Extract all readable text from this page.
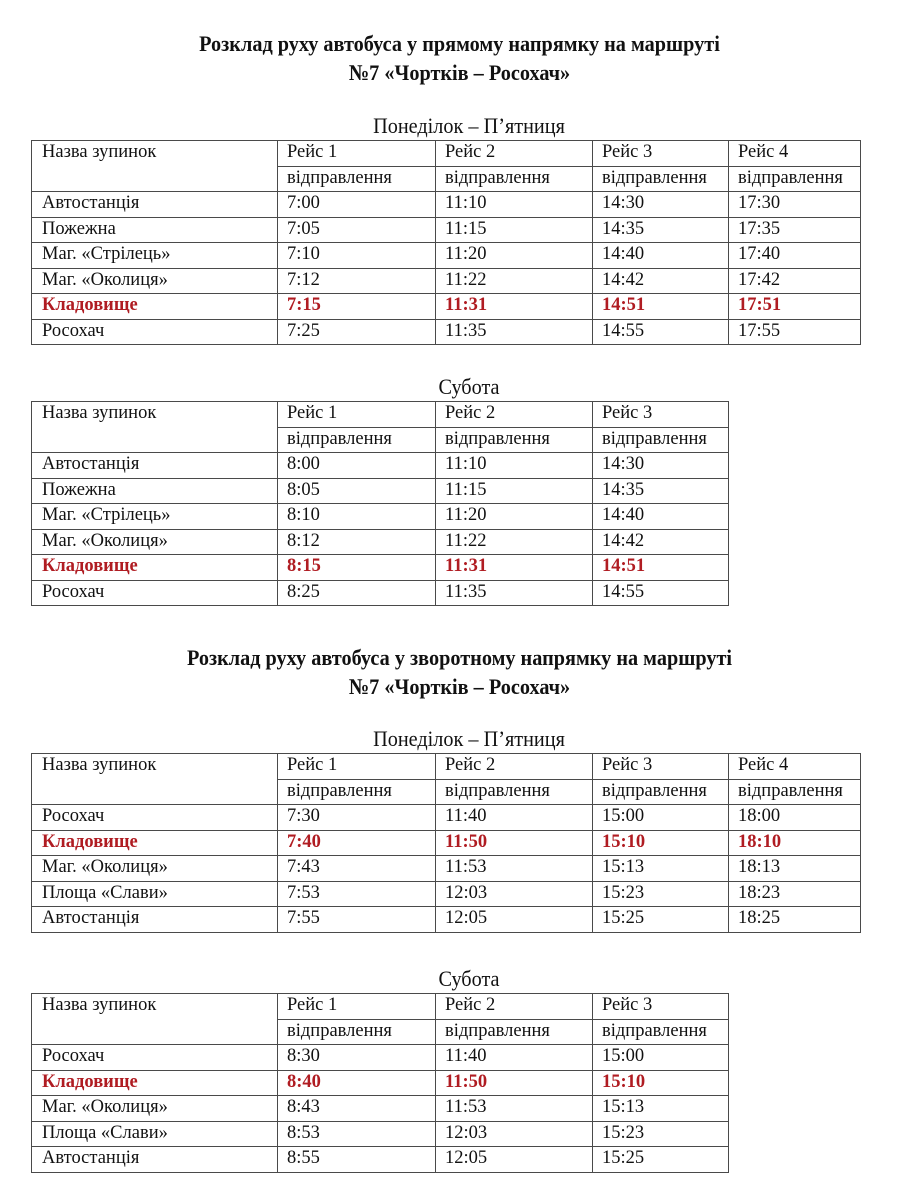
Розклад руху автобуса у прямому напрямку на маршруті
№7 «Чортків – Росохач»
Понеділок – П’ятниця
Назва зупинок	Рейс 1	Рейс 2	Рейс 3	Рейс 4
	відправлення	відправлення	відправлення	відправлення
Автостанція	7:00	11:10	14:30	17:30
Пожежна	7:05	11:15	14:35	17:35
Маг. «Стрілець»	7:10	11:20	14:40	17:40
Маг. «Околиця»	7:12	11:22	14:42	17:42
Кладовище	7:15	11:31	14:51	17:51
Росохач	7:25	11:35	14:55	17:55
Субота
Назва зупинок	Рейс 1	Рейс 2	Рейс 3
	відправлення	відправлення	відправлення
Автостанція	8:00	11:10	14:30
Пожежна	8:05	11:15	14:35
Маг. «Стрілець»	8:10	11:20	14:40
Маг. «Околиця»	8:12	11:22	14:42
Кладовище	8:15	11:31	14:51
Росохач	8:25	11:35	14:55
Розклад руху автобуса у зворотному напрямку на маршруті
№7 «Чортків – Росохач»
Понеділок – П’ятниця
Назва зупинок	Рейс 1	Рейс 2	Рейс 3	Рейс 4
	відправлення	відправлення	відправлення	відправлення
Росохач	7:30	11:40	15:00	18:00
Кладовище	7:40	11:50	15:10	18:10
Маг. «Околиця»	7:43	11:53	15:13	18:13
Площа «Слави»	7:53	12:03	15:23	18:23
Автостанція	7:55	12:05	15:25	18:25
Субота
Назва зупинок	Рейс 1	Рейс 2	Рейс 3
	відправлення	відправлення	відправлення
Росохач	8:30	11:40	15:00
Кладовище	8:40	11:50	15:10
Маг. «Околиця»	8:43	11:53	15:13
Площа «Слави»	8:53	12:03	15:23
Автостанція	8:55	12:05	15:25
